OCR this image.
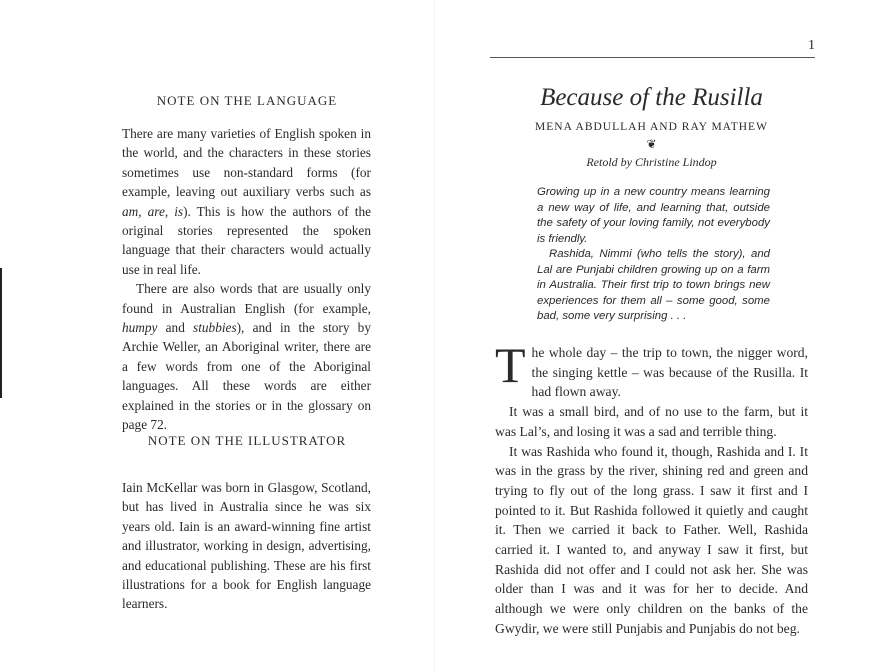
NOTE ON THE LANGUAGE

There are many varieties of English spoken in the world, and the characters in these stories sometimes use non-standard forms (for example, leaving out auxiliary verbs such as am, are, is). This is how the authors of the original stories represented the spoken language that their characters would actually use in real life.

There are also words that are usually only found in Australian English (for example, humpy and stubbies), and in the story by Archie Weller, an Aboriginal writer, there are a few words from one of the Aboriginal languages. All these words are either explained in the stories or in the glossary on page 72.

NOTE ON THE ILLUSTRATOR

Iain McKellar was born in Glasgow, Scotland, but has lived in Australia since he was six years old. Iain is an award-winning fine artist and illustrator, working in design, advertising, and educational publishing. These are his first illustrations for a book for English language learners.

1
Because of the Rusilla
MENA ABDULLAH AND RAY MATHEW
❦
Retold by Christine Lindop

Growing up in a new country means learning a new way of life, and learning that, outside the safety of your loving family, not everybody is friendly.

Rashida, Nimmi (who tells the story), and Lal are Punjabi children growing up on a farm in Australia. Their first trip to town brings new experiences for them all – some good, some bad, some very surprising . . .

The whole day – the trip to town, the nigger word, the singing kettle – was because of the Rusilla. It had flown away.

It was a small bird, and of no use to the farm, but it was Lal’s, and losing it was a sad and terrible thing.

It was Rashida who found it, though, Rashida and I. It was in the grass by the river, shining red and green and trying to fly out of the long grass. I saw it first and I pointed to it. But Rashida followed it quietly and caught it. Then we carried it back to Father. Well, Rashida carried it. I wanted to, and anyway I saw it first, but Rashida did not offer and I could not ask her. She was older than I was and it was for her to decide. And although we were only children on the banks of the Gwydir, we were still Punjabis and Punjabis do not beg.
